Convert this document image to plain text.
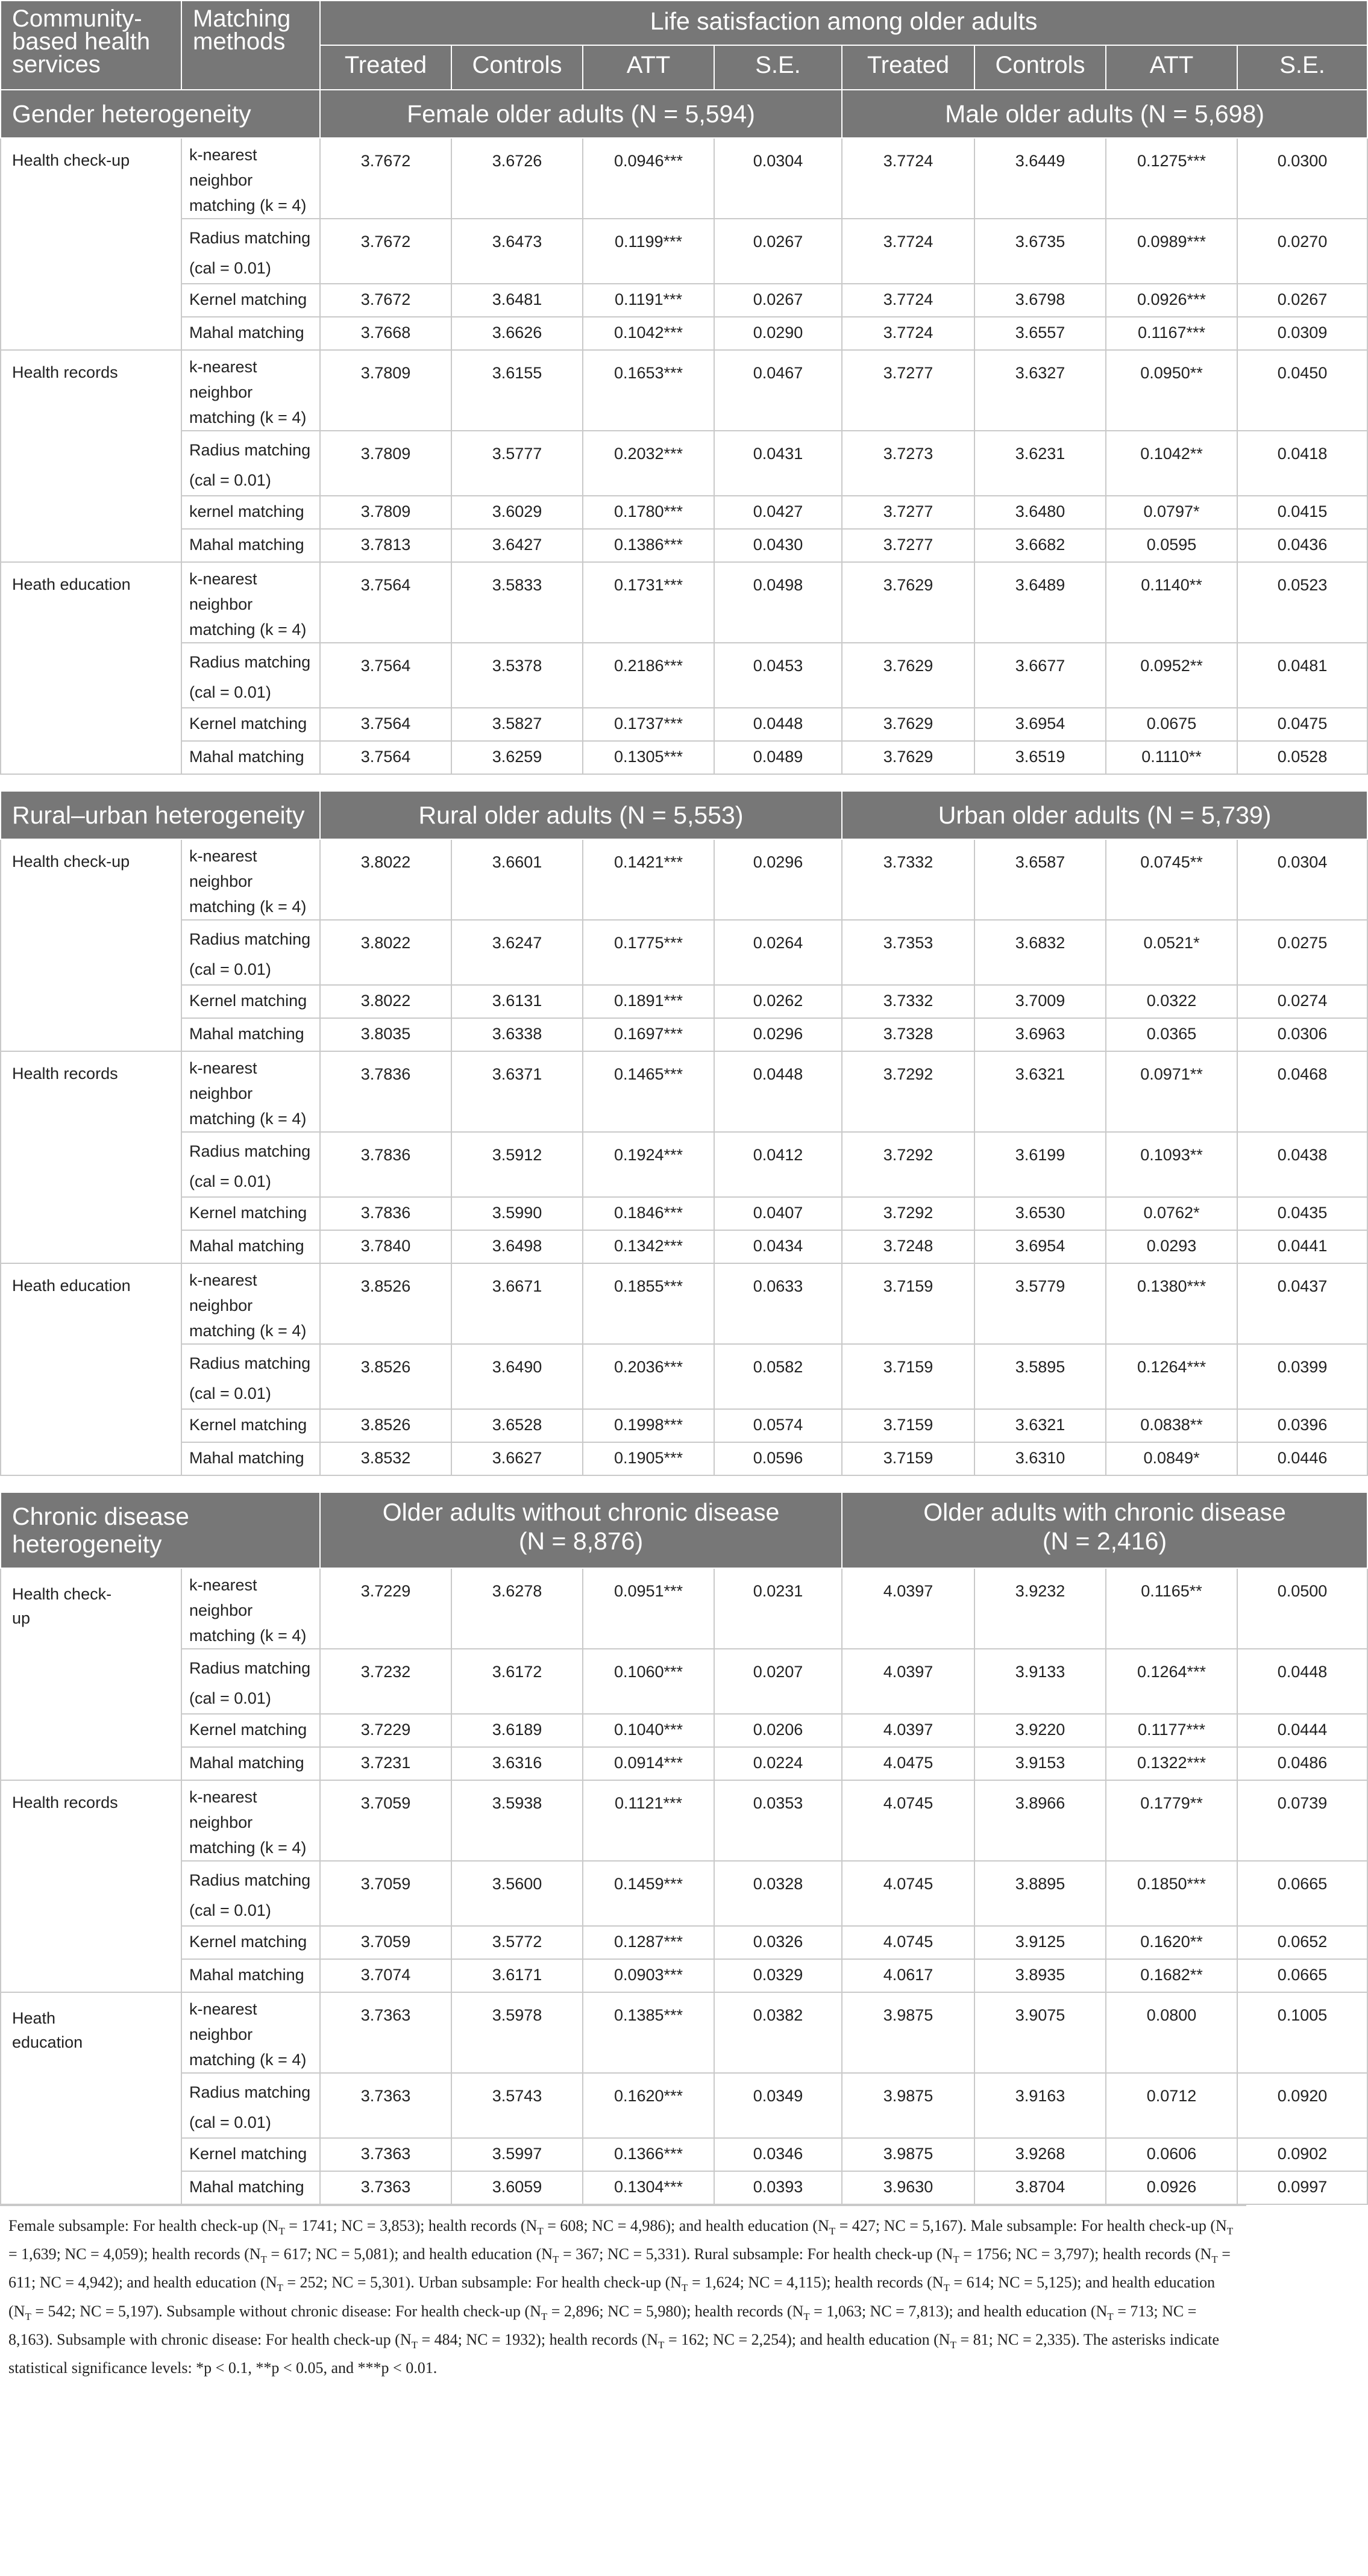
Community-
based health
services	Matching
methods	Life satisfaction among older adults							
		Treated	Controls	ATT	S.E.	Treated	Controls	ATT	S.E.
Gender heterogeneity		Female older adults (N = 5,594)				Male older adults (N = 5,698)			
Health check-up	k-nearest
neighbor
matching (k = 4)	3.7672	3.6726	0.0946***	0.0304	3.7724	3.6449	0.1275***	0.0300
	Radius matching
(cal = 0.01)	3.7672	3.6473	0.1199***	0.0267	3.7724	3.6735	0.0989***	0.0270
	Kernel matching	3.7672	3.6481	0.1191***	0.0267	3.7724	3.6798	0.0926***	0.0267
	Mahal matching	3.7668	3.6626	0.1042***	0.0290	3.7724	3.6557	0.1167***	0.0309
Health records	k-nearest
neighbor
matching (k = 4)	3.7809	3.6155	0.1653***	0.0467	3.7277	3.6327	0.0950**	0.0450
	Radius matching
(cal = 0.01)	3.7809	3.5777	0.2032***	0.0431	3.7273	3.6231	0.1042**	0.0418
	kernel matching	3.7809	3.6029	0.1780***	0.0427	3.7277	3.6480	0.0797*	0.0415
	Mahal matching	3.7813	3.6427	0.1386***	0.0430	3.7277	3.6682	0.0595	0.0436
Heath education	k-nearest
neighbor
matching (k = 4)	3.7564	3.5833	0.1731***	0.0498	3.7629	3.6489	0.1140**	0.0523
	Radius matching
(cal = 0.01)	3.7564	3.5378	0.2186***	0.0453	3.7629	3.6677	0.0952**	0.0481
	Kernel matching	3.7564	3.5827	0.1737***	0.0448	3.7629	3.6954	0.0675	0.0475
	Mahal matching	3.7564	3.6259	0.1305***	0.0489	3.7629	3.6519	0.1110**	0.0528
Rural–urban heterogeneity		Rural older adults (N = 5,553)				Urban older adults (N = 5,739)			
Health check-up	k-nearest
neighbor
matching (k = 4)	3.8022	3.6601	0.1421***	0.0296	3.7332	3.6587	0.0745**	0.0304
	Radius matching
(cal = 0.01)	3.8022	3.6247	0.1775***	0.0264	3.7353	3.6832	0.0521*	0.0275
	Kernel matching	3.8022	3.6131	0.1891***	0.0262	3.7332	3.7009	0.0322	0.0274
	Mahal matching	3.8035	3.6338	0.1697***	0.0296	3.7328	3.6963	0.0365	0.0306
Health records	k-nearest
neighbor
matching (k = 4)	3.7836	3.6371	0.1465***	0.0448	3.7292	3.6321	0.0971**	0.0468
	Radius matching
(cal = 0.01)	3.7836	3.5912	0.1924***	0.0412	3.7292	3.6199	0.1093**	0.0438
	Kernel matching	3.7836	3.5990	0.1846***	0.0407	3.7292	3.6530	0.0762*	0.0435
	Mahal matching	3.7840	3.6498	0.1342***	0.0434	3.7248	3.6954	0.0293	0.0441
Heath education	k-nearest
neighbor
matching (k = 4)	3.8526	3.6671	0.1855***	0.0633	3.7159	3.5779	0.1380***	0.0437
	Radius matching
(cal = 0.01)	3.8526	3.6490	0.2036***	0.0582	3.7159	3.5895	0.1264***	0.0399
	Kernel matching	3.8526	3.6528	0.1998***	0.0574	3.7159	3.6321	0.0838**	0.0396
	Mahal matching	3.8532	3.6627	0.1905***	0.0596	3.7159	3.6310	0.0849*	0.0446
Chronic disease
heterogeneity		Older adults without chronic disease
(N = 8,876)				Older adults with chronic disease
(N = 2,416)			
Health check-
up	k-nearest
neighbor
matching (k = 4)	3.7229	3.6278	0.0951***	0.0231	4.0397	3.9232	0.1165**	0.0500
	Radius matching
(cal = 0.01)	3.7232	3.6172	0.1060***	0.0207	4.0397	3.9133	0.1264***	0.0448
	Kernel matching	3.7229	3.6189	0.1040***	0.0206	4.0397	3.9220	0.1177***	0.0444
	Mahal matching	3.7231	3.6316	0.0914***	0.0224	4.0475	3.9153	0.1322***	0.0486
Health records	k-nearest
neighbor
matching (k = 4)	3.7059	3.5938	0.1121***	0.0353	4.0745	3.8966	0.1779**	0.0739
	Radius matching
(cal = 0.01)	3.7059	3.5600	0.1459***	0.0328	4.0745	3.8895	0.1850***	0.0665
	Kernel matching	3.7059	3.5772	0.1287***	0.0326	4.0745	3.9125	0.1620**	0.0652
	Mahal matching	3.7074	3.6171	0.0903***	0.0329	4.0617	3.8935	0.1682**	0.0665
Heath
education	k-nearest
neighbor
matching (k = 4)	3.7363	3.5978	0.1385***	0.0382	3.9875	3.9075	0.0800	0.1005
	Radius matching
(cal = 0.01)	3.7363	3.5743	0.1620***	0.0349	3.9875	3.9163	0.0712	0.0920
	Kernel matching	3.7363	3.5997	0.1366***	0.0346	3.9875	3.9268	0.0606	0.0902
	Mahal matching	3.7363	3.6059	0.1304***	0.0393	3.9630	3.8704	0.0926	0.0997

Female subsample: For health check-up ($N_T = 1741$; NC = 3,853); health records ($N_T = 608$; NC = 4,986); and health education ($N_T = 427$; NC = 5,167). Male subsample: For health check-up ($N_T = 1,639$; NC = 4,059); health records ($N_T = 617$; NC = 5,081); and health education ($N_T = 367$; NC = 5,331). Rural subsample: For health check-up ($N_T = 1756$; NC = 3,797); health records ($N_T = 611$; NC = 4,942); and health education ($N_T = 252$; NC = 5,301). Urban subsample: For health check-up ($N_T = 1,624$; NC = 4,115); health records ($N_T = 614$; NC = 5,125); and health education ($N_T = 542$; NC = 5,197). Subsample without chronic disease: For health check-up ($N_T = 2,896$; NC = 5,980); health records ($N_T = 1,063$; NC = 7,813); and health education ($N_T = 713$; NC = 8,163). Subsample with chronic disease: For health check-up ($N_T = 484$; NC = 1932); health records ($N_T = 162$; NC = 2,254); and health education ($N_T = 81$; NC = 2,335). The asterisks indicate statistical significance levels: *p < 0.1, **p < 0.05, and ***p < 0.01.
